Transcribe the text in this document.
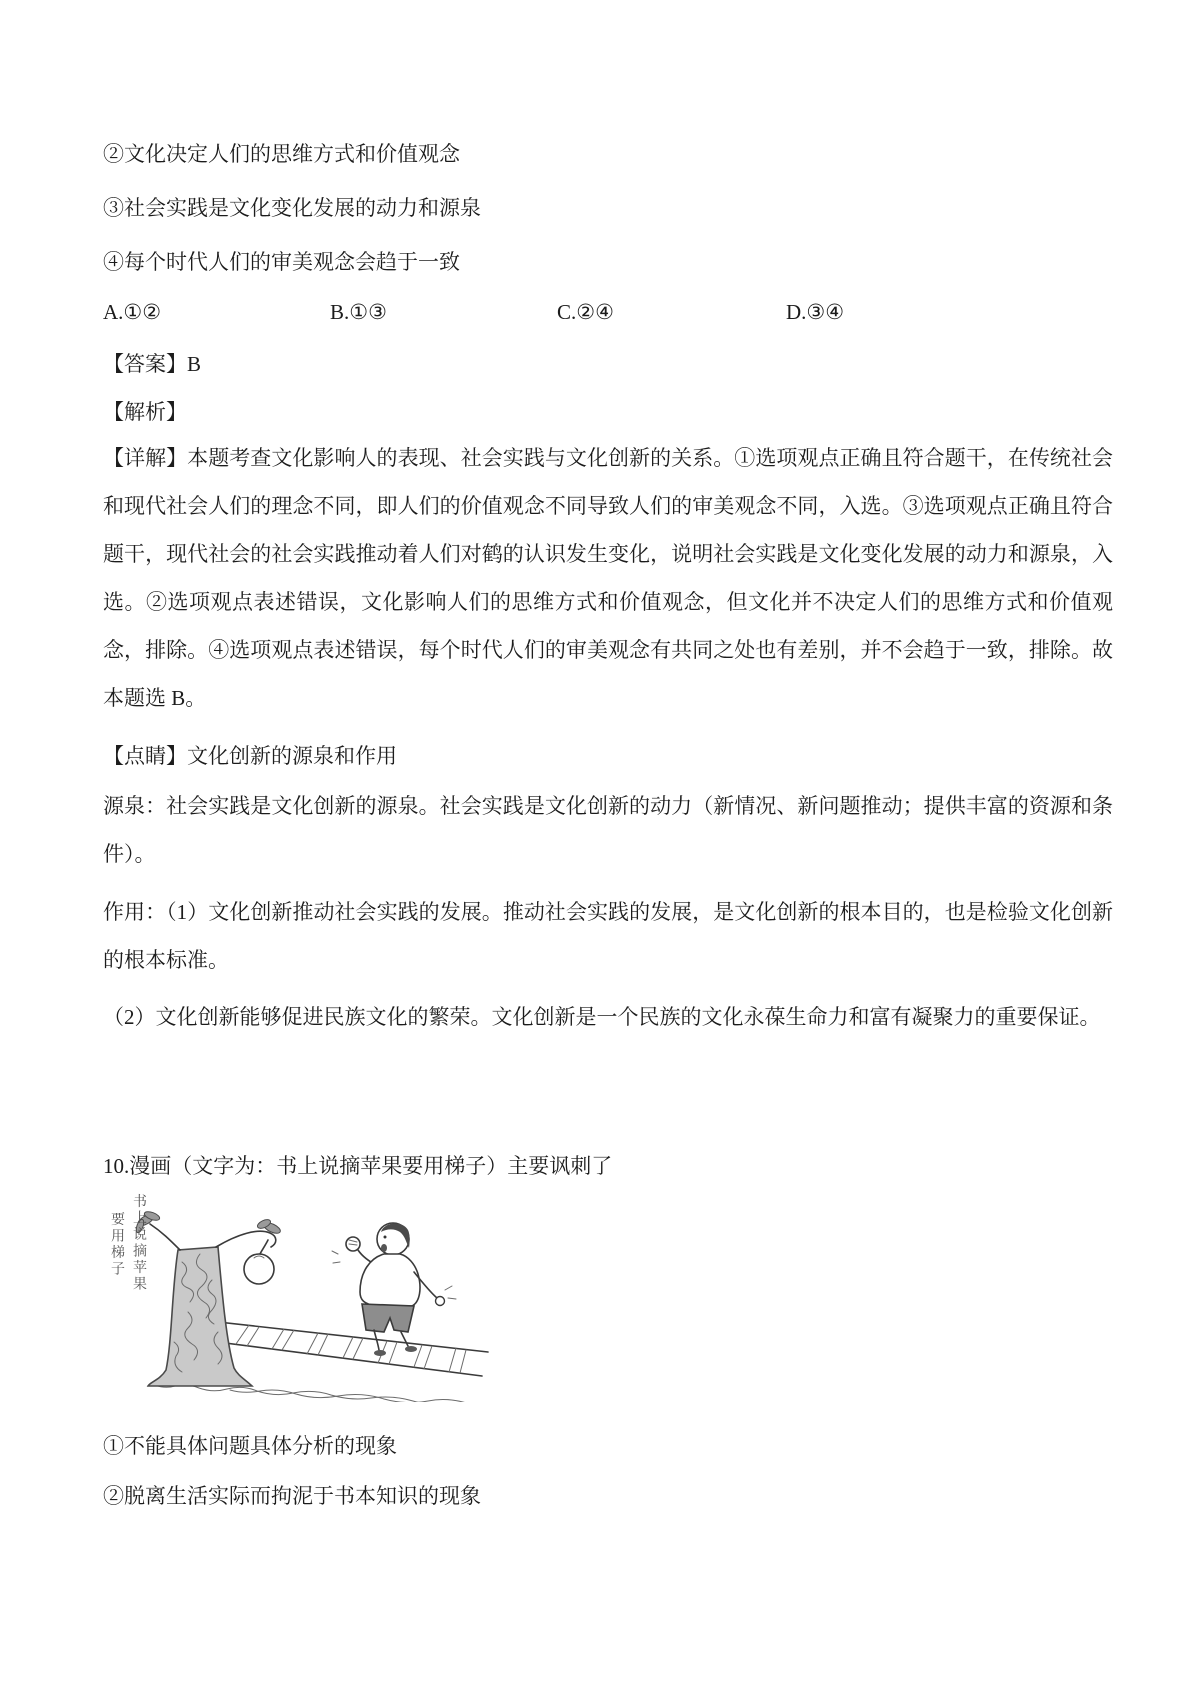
②文化决定人们的思维方式和价值观念
③社会实践是文化变化发展的动力和源泉
④每个时代人们的审美观念会趋于一致
A.①②	B.①③	C.②④	D.③④
【答案】B
【解析】
【详解】本题考查文化影响人的表现、社会实践与文化创新的关系。①选项观点正确且符合题干，在传统社会和现代社会人们的理念不同，即人们的价值观念不同导致人们的审美观念不同，入选。③选项观点正确且符合题干，现代社会的社会实践推动着人们对鹤的认识发生变化，说明社会实践是文化变化发展的动力和源泉，入选。②选项观点表述错误，文化影响人们的思维方式和价值观念，但文化并不决定人们的思维方式和价值观念，排除。④选项观点表述错误，每个时代人们的审美观念有共同之处也有差别，并不会趋于一致，排除。故本题选 B。
【点睛】文化创新的源泉和作用
源泉：社会实践是文化创新的源泉。社会实践是文化创新的动力（新情况、新问题推动；提供丰富的资源和条件）。
作用：（1）文化创新推动社会实践的发展。推动社会实践的发展，是文化创新的根本目的，也是检验文化创新的根本标准。
（2）文化创新能够促进民族文化的繁荣。文化创新是一个民族的文化永葆生命力和富有凝聚力的重要保证。
10.漫画（文字为：书上说摘苹果要用梯子）主要讽刺了
书上说摘苹果
要用梯子
①不能具体问题具体分析的现象
②脱离生活实际而拘泥于书本知识的现象
